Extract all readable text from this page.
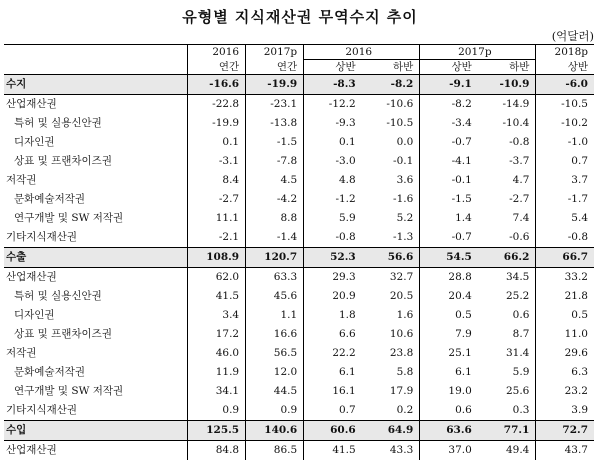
유형별 지식재산권 무역수지 추이
(억달러)
	2016	2017p	2016		2017p		2018p
	연간	연간	상반	하반	상반	하반	상반
수지	-16.6	-19.9	-8.3	-8.2	-9.1	-10.9	-6.0
산업재산권	-22.8	-23.1	-12.2	-10.6	-8.2	-14.9	-10.5
특허 및 실용신안권	-19.9	-13.8	-9.3	-10.5	-3.4	-10.4	-10.2
디자인권	0.1	-1.5	0.1	0.0	-0.7	-0.8	-1.0
상표 및 프랜차이즈권	-3.1	-7.8	-3.0	-0.1	-4.1	-3.7	0.7
저작권	8.4	4.5	4.8	3.6	-0.1	4.7	3.7
문화예술저작권	-2.7	-4.2	-1.2	-1.6	-1.5	-2.7	-1.7
연구개발 및 SW 저작권	11.1	8.8	5.9	5.2	1.4	7.4	5.4
기타지식재산권	-2.1	-1.4	-0.8	-1.3	-0.7	-0.6	-0.8
수출	108.9	120.7	52.3	56.6	54.5	66.2	66.7
산업재산권	62.0	63.3	29.3	32.7	28.8	34.5	33.2
특허 및 실용신안권	41.5	45.6	20.9	20.5	20.4	25.2	21.8
디자인권	3.4	1.1	1.8	1.6	0.5	0.6	0.5
상표 및 프랜차이즈권	17.2	16.6	6.6	10.6	7.9	8.7	11.0
저작권	46.0	56.5	22.2	23.8	25.1	31.4	29.6
문화예술저작권	11.9	12.0	6.1	5.8	6.1	5.9	6.3
연구개발 및 SW 저작권	34.1	44.5	16.1	17.9	19.0	25.6	23.2
기타지식재산권	0.9	0.9	0.7	0.2	0.6	0.3	3.9
수입	125.5	140.6	60.6	64.9	63.6	77.1	72.7
산업재산권	84.8	86.5	41.5	43.3	37.0	49.4	43.7
